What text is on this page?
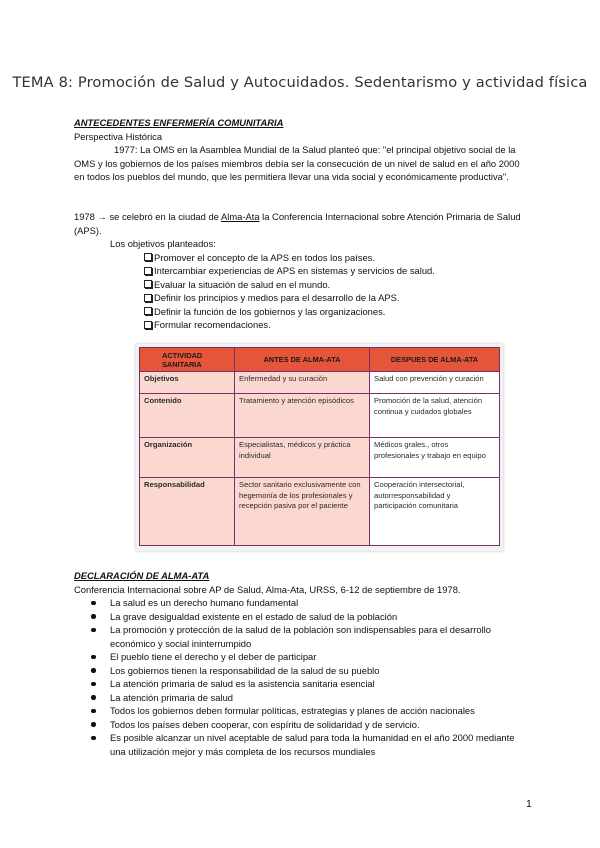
TEMA 8: Promoción de Salud y Autocuidados. Sedentarismo y actividad física
ANTECEDENTES ENFERMERÍA COMUNITARIA
Perspectiva Histórica
1977: La OMS en la Asamblea Mundial de la Salud planteó que: "el principal objetivo social de la OMS y los gobiernos de los países miembros debía ser la consecución de un nivel de salud en el año 2000 en todos los pueblos del mundo, que les permitiera llevar una vida social y económicamente productiva".
1978 → se celebró en la ciudad de Alma-Ata la Conferencia Internacional sobre Atención Primaria de Salud (APS).
Los objetivos planteados:
Promover el concepto de la APS en todos los países.
Intercambiar experiencias de APS en sistemas y servicios de salud.
Evaluar la situación de salud en el mundo.
Definir los principios y medios para el desarrollo de la APS.
Definir la función de los gobiernos y las organizaciones.
Formular recomendaciones.
ACTIVIDAD SANITARIA	ANTES DE ALMA-ATA	DESPUES DE ALMA-ATA
Objetivos	Enfermedad y su curación	Salud con prevención y curación
Contenido	Tratamiento y atención episódicos	Promoción de la salud, atención continua y cuidados globales
Organización	Especialistas, médicos y práctica individual	Médicos grales., otros profesionales y trabajo en equipo
Responsabilidad	Sector sanitario exclusivamente con hegemonía de los profesionales y recepción pasiva por el paciente	Cooperación intersectorial, autorresponsabilidad y participación comunitaria
DECLARACIÓN DE ALMA-ATA
Conferencia Internacional sobre AP de Salud, Alma-Ata, URSS, 6-12 de septiembre de 1978.
La salud es un derecho humano fundamental
La grave desigualdad existente en el estado de salud de la población
La promoción y protección de la salud de la población son indispensables para el desarrollo económico y social ininterrumpido
El pueblo tiene el derecho y el deber de participar
Los gobiernos tienen la responsabilidad de la salud de su pueblo
La atención primaria de salud es la asistencia sanitaria esencial
La atención primaria de salud
Todos los gobiernos deben formular políticas, estrategias y planes de acción nacionales
Todos los países deben cooperar, con espíritu de solidaridad y de servicio.
Es posible alcanzar un nivel aceptable de salud para toda la humanidad en el año 2000 mediante una utilización mejor y más completa de los recursos mundiales
1
